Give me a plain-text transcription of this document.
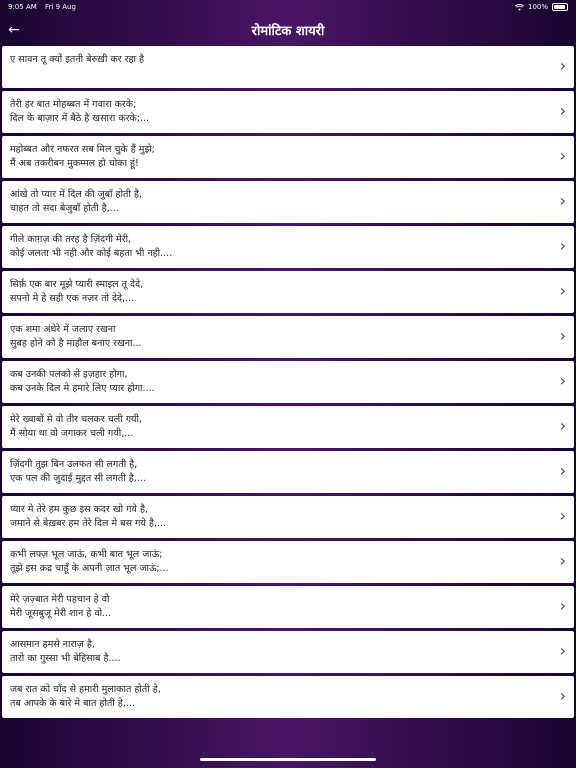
9:05 AM Fri 9 Aug	100%
←	रोमांटिक शायरी
ए सावन तू क्यों इतनी बेरुख़ी कर रहा है	›
तेरी हर बात मोहब्बत में गवारा करके;
दिल के बाज़ार में बैठे है खसारा करके;...	›
महोब्बत और नफरत सब मिल चुके हैं मुझे;
मैं अब तकरीबन मुकम्मल हो चोका हूं!	›
आंखे तो प्यार में दिल की जुबाँ होती है,
चाहत तो सदा बेजुबाँ होती है,...	›
गीले काग़ज़ की तरह है ज़िंदगी मेरी,
कोई जलता भी नही और कोई बहता भी नही....	›
सिर्फ़ एक बार मूझे प्यारी स्माइल तू देदे,
सपनो मे हे सही एक नज़र तो देदे,...	›
एक शमा अंधेरे में जलाए रखना
सुबह होने को है माहौल बनाए रखना...	›
कब उनकी पलको से इज़हार होगा,
कब उनके दिल मे हमारे लिए प्यार होगा....	›
मेरे ख्वाबों मे वो तीर चलकर चली गयी,
मैं सोया था वो जगाकर चली गयी,...	›
ज़िंदगी तुझ बिन उलफत सी लगती है,
एक पल की जुदाई मुद्दत सी लगती है,...	›
प्यार मे तेरे हम कुछ इस कदर खो गये है,
जमाने से बेख़बर हम तेरे दिल मे बस गये है,...	›
कभी लफ्ज़ भूल जाऊं, कभी बात भूल जाऊं;
तूझे इस क़द्र चाहूँ के अपनी ज़ात भूल जाऊं;...	›
मेरे ज़ज़्बात मेरी पहचान हे वो
मेरी जूसबुजू मेरी शान हे वो...	›
आसमान हमसे नाराज़ है,
तारो का गुस्सा भी बेहिसाब है....	›
जब रात को चाँद से हमारी मुलाकात होती हे,
तब आपके के बारे मे बात होती हे,...	›
